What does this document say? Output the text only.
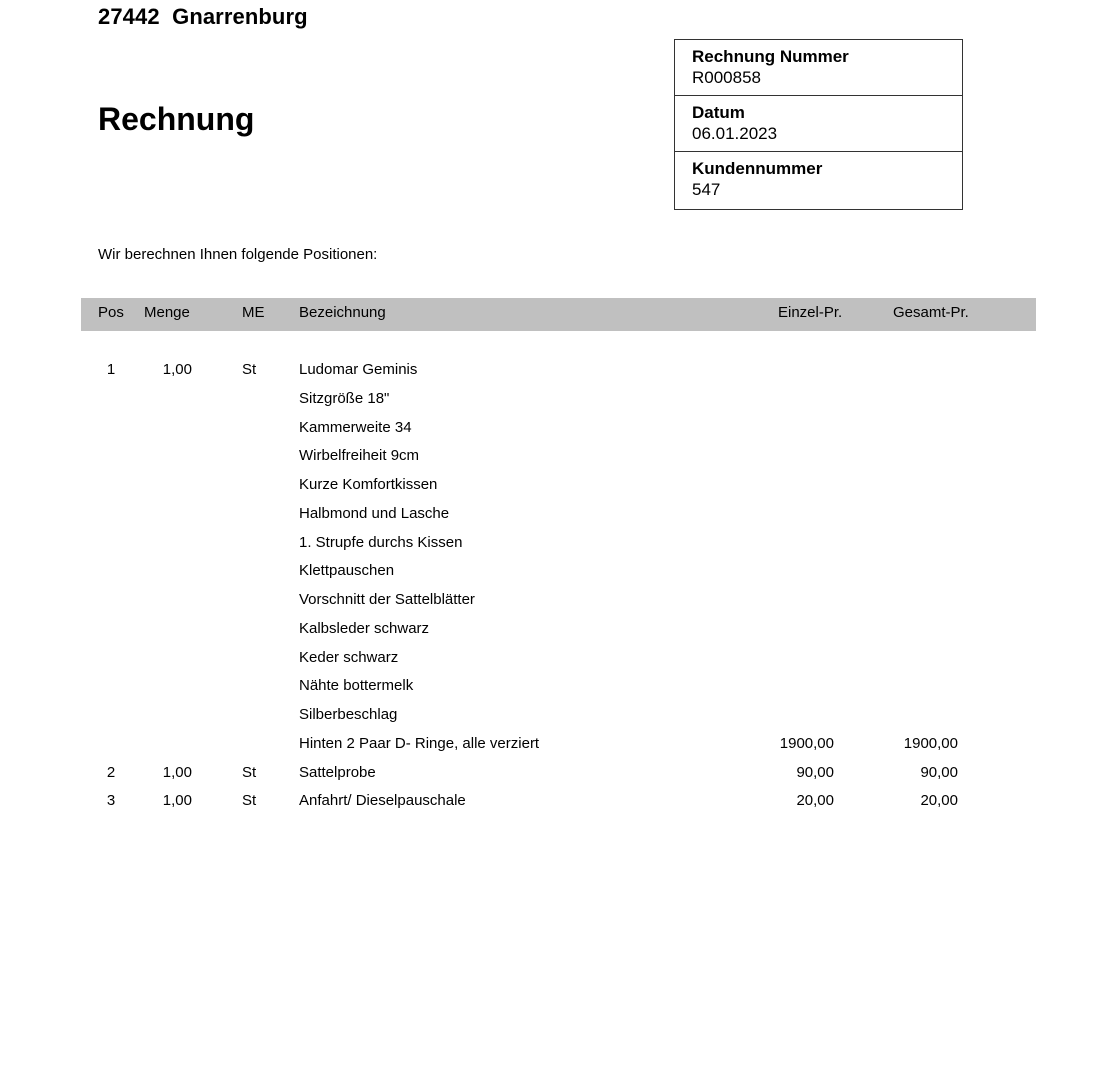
27442  Gnarrenburg
Rechnung
Rechnung Nummer
R000858
Datum
06.01.2023
Kundennummer
547
Wir berechnen Ihnen folgende Positionen:
Pos Menge	ME Bezeichnung	Einzel-Pr.	Gesamt-Pr.
1	1,00	St	Ludomar Geminis
Sitzgröße 18"
Kammerweite 34
Wirbelfreiheit 9cm
Kurze Komfortkissen
Halbmond und Lasche
1. Strupfe durchs Kissen
Klettpauschen
Vorschnitt der Sattelblätter
Kalbsleder schwarz
Keder schwarz
Nähte bottermelk
Silberbeschlag
Hinten 2 Paar D- Ringe, alle verziert	1900,00	1900,00
2	1,00	St	Sattelprobe	90,00	90,00
3	1,00	St	Anfahrt/ Dieselpauschale	20,00	20,00
